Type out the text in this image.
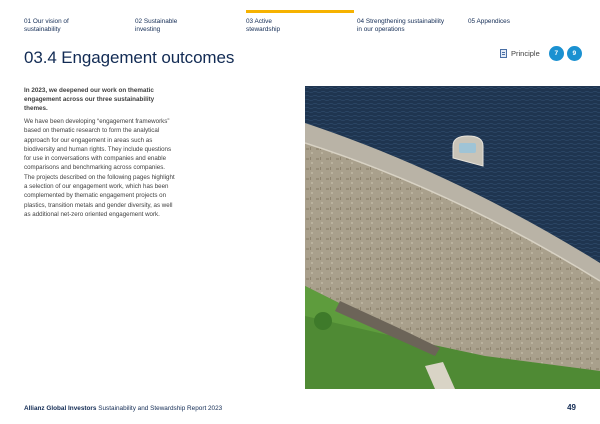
01 Our vision of
sustainability
02 Sustainable
investing
03 Active
stewardship
04 Strengthening sustainability
in our operations
05 Appendices
03.4 Engagement outcomes	Principle	7	9
In 2023, we deepened our work on thematic engagement across our three sustainability themes.
We have been developing “engagement frameworks” based on thematic research to form the analytical approach for our engagement in areas such as biodiversity and human rights. They include questions for use in conversations with companies and enable comparisons and benchmarking across companies. The projects described on the following pages highlight a selection of our engagement work, which has been complemented by thematic engagement projects on plastics, transition metals and gender diversity, as well as additional net-zero oriented engagement work.
Allianz Global Investors Sustainability and Stewardship Report 2023	49
